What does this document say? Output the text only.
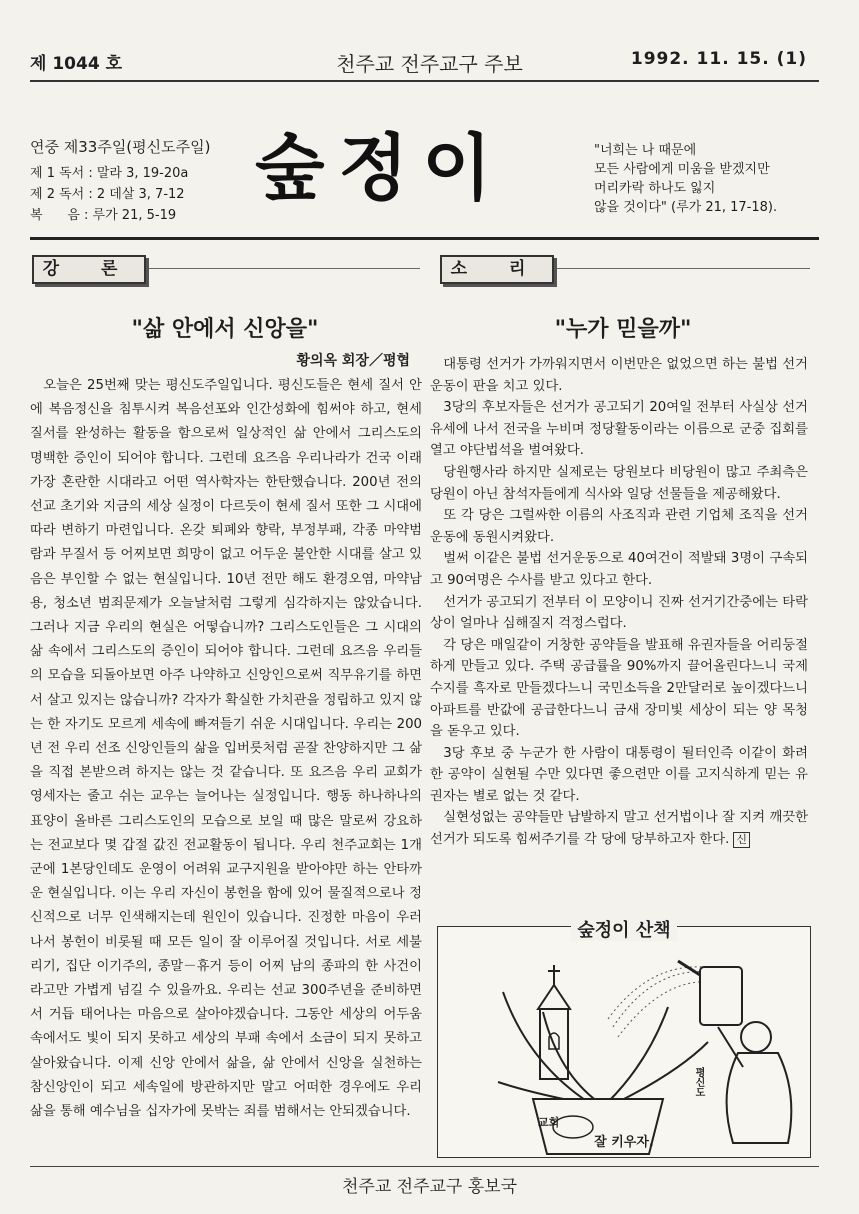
제 1044 호	천주교 전주교구 주보	1992. 11. 15. (1)
연중 제33주일(평신도주일)
제 1 독서 : 말라 3, 19-20a
제 2 독서 : 2 데살 3, 7-12
복      음 : 루가 21, 5-19
숲정이	"너희는 나 때문에
모든 사람에게 미움을 받겠지만
머리카락 하나도 잃지
않을 것이다" (루가 21, 17-18).
강 론	소 리
"삶 안에서 신앙을"
황의옥 회장／평협

오늘은 25번째 맞는 평신도주일입니다. 평신도들은 현세 질서 안에 복음정신을 침투시켜 복음선포와 인간성화에 힘써야 하고, 현세 질서를 완성하는 활동을 함으로써 일상적인 삶 안에서 그리스도의 명백한 증인이 되어야 합니다. 그런데 요즈음 우리나라가 건국 이래 가장 혼란한 시대라고 어떤 역사학자는 한탄했습니다. 200년 전의 선교 초기와 지금의 세상 실정이 다르듯이 현세 질서 또한 그 시대에 따라 변하기 마련입니다. 온갖 퇴폐와 향락, 부정부패, 각종 마약범람과 무질서 등 어찌보면 희망이 없고 어두운 불안한 시대를 살고 있음은 부인할 수 없는 현실입니다. 10년 전만 해도 환경오염, 마약남용, 청소년 범죄문제가 오늘날처럼 그렇게 심각하지는 않았습니다. 그러나 지금 우리의 현실은 어떻습니까? 그리스도인들은 그 시대의 삶 속에서 그리스도의 증인이 되어야 합니다. 그런데 요즈음 우리들의 모습을 되돌아보면 아주 나약하고 신앙인으로써 직무유기를 하면서 살고 있지는 않습니까? 각자가 확실한 가치관을 정립하고 있지 않는 한 자기도 모르게 세속에 빠져들기 쉬운 시대입니다. 우리는 200년 전 우리 선조 신앙인들의 삶을 입버릇처럼 곧잘 찬양하지만 그 삶을 직접 본받으려 하지는 않는 것 같습니다. 또 요즈음 우리 교회가 영세자는 줄고 쉬는 교우는 늘어나는 실정입니다. 행동 하나하나의 표양이 올바른 그리스도인의 모습으로 보일 때 많은 말로써 강요하는 전교보다 몇 갑절 값진 전교활동이 됩니다. 우리 천주교회는 1개군에 1본당인데도 운영이 어려워 교구지원을 받아야만 하는 안타까운 현실입니다. 이는 우리 자신이 봉헌을 함에 있어 물질적으로나 정신적으로 너무 인색해지는데 원인이 있습니다. 진정한 마음이 우러나서 봉헌이 비롯될 때 모든 일이 잘 이루어질 것입니다. 서로 세불리기, 집단 이기주의, 종말－휴거 등이 어찌 남의 종파의 한 사건이라고만 가볍게 넘길 수 있을까요. 우리는 선교 300주년을 준비하면서 거듭 태어나는 마음으로 살아야겠습니다. 그동안 세상의 어두움 속에서도 빛이 되지 못하고 세상의 부패 속에서 소금이 되지 못하고 살아왔습니다. 이제 신앙 안에서 삶을, 삶 안에서 신앙을 실천하는 참신앙인이 되고 세속일에 방관하지만 말고 어떠한 경우에도 우리 삶을 통해 예수님을 십자가에 못박는 죄를 범해서는 안되겠습니다.

"누가 믿을까"

대통령 선거가 가까워지면서 이번만은 없었으면 하는 불법 선거운동이 판을 치고 있다.

3당의 후보자들은 선거가 공고되기 20여일 전부터 사실상 선거유세에 나서 전국을 누비며 정당활동이라는 이름으로 군중 집회를 열고 야단법석을 벌여왔다.

당원행사라 하지만 실제로는 당원보다 비당원이 많고 주최측은 당원이 아닌 참석자들에게 식사와 일당 선물들을 제공해왔다.

또 각 당은 그럴싸한 이름의 사조직과 관련 기업체 조직을 선거운동에 동원시켜왔다.

벌써 이같은 불법 선거운동으로 40여건이 적발돼 3명이 구속되고 90여명은 수사를 받고 있다고 한다.

선거가 공고되기 전부터 이 모양이니 진짜 선거기간중에는 타락상이 얼마나 심해질지 걱정스럽다.

각 당은 매일같이 거창한 공약들을 발표해 유권자들을 어리둥절하게 만들고 있다. 주택 공급률을 90%까지 끌어올린다느니 국제수지를 흑자로 만들겠다느니 국민소득을 2만달러로 높이겠다느니 아파트를 반값에 공급한다느니 금새 장미빛 세상이 되는 양 목청을 돋우고 있다.

3당 후보 중 누군가 한 사람이 대통령이 될터인즉 이같이 화려한 공약이 실현될 수만 있다면 좋으련만 이를 고지식하게 믿는 유권자는 별로 없는 것 같다.

실현성없는 공약들만 남발하지 말고 선거법이나 잘 지켜 깨끗한 선거가 되도록 힘써주기를 각 당에 당부하고자 한다. 신

교회
평신도
숲정이 산책
잘 키우자.
천주교 전주교구 홍보국
